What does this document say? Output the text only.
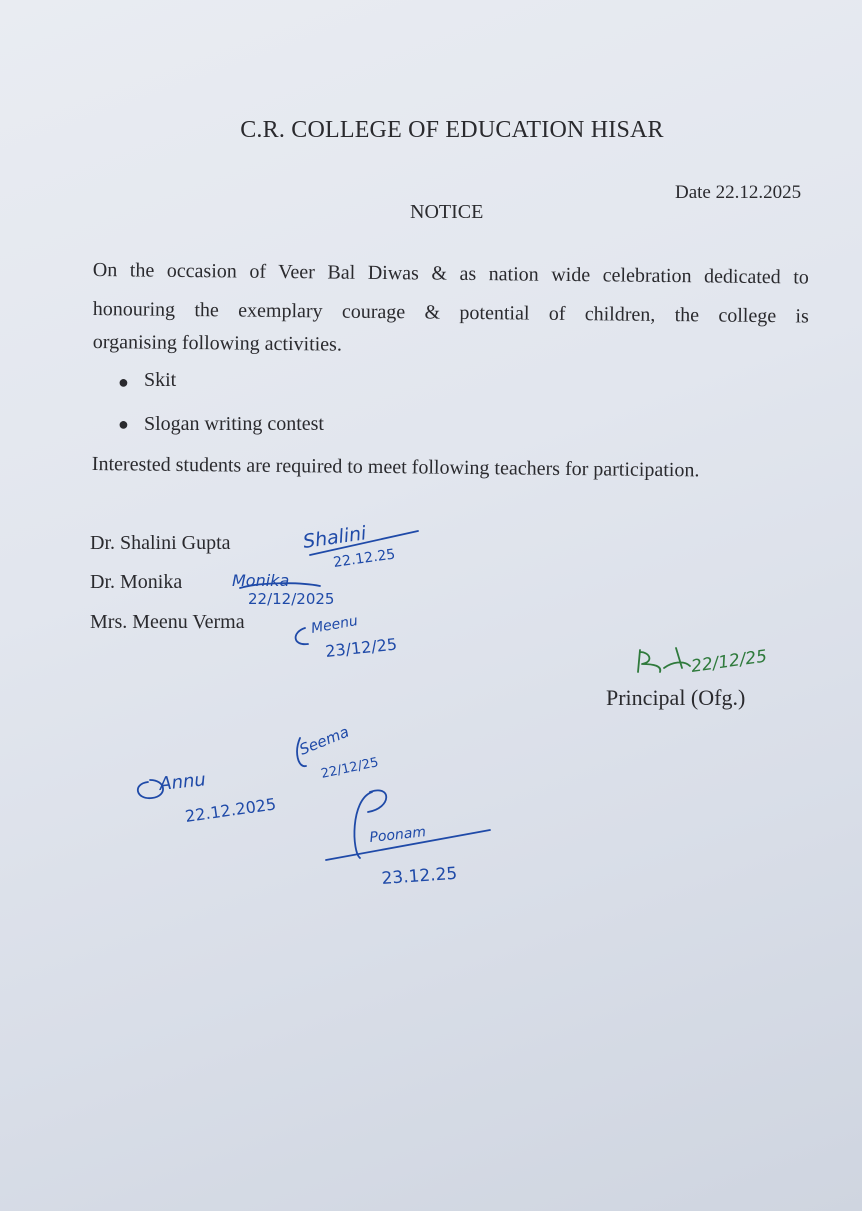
C.R. COLLEGE OF EDUCATION HISAR
Date 22.12.2025
NOTICE
On the occasion of Veer Bal Diwas & as nation wide celebration dedicated to
honouring the exemplary courage & potential of children, the college is
organising following activities.
● Skit
● Slogan writing contest
Interested students are required to meet following teachers for participation.
Dr. Shalini Gupta
Dr. Monika
Mrs. Meenu Verma
Principal (Ofg.)
Shalini
22.12.25
Monika
22/12/2025
Meenu
23/12/25
Annu
22.12.2025
Seema
22/12/25
Poonam
23.12.25
22/12/25
